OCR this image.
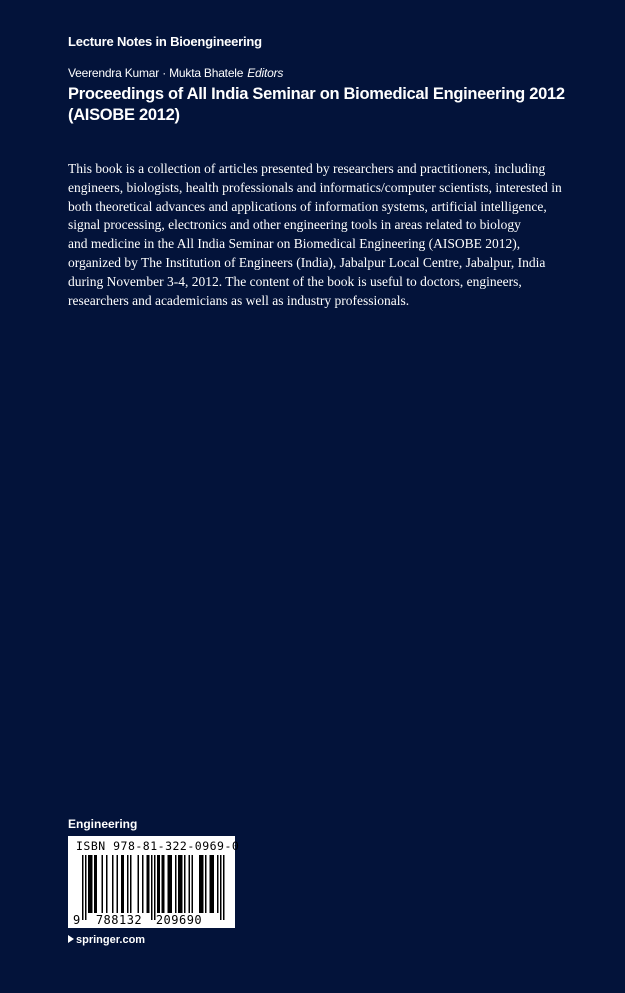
Lecture Notes in Bioengineering
Veerendra Kumar · Mukta Bhatele Editors
Proceedings of All India Seminar on Biomedical Engineering 2012
(AISOBE 2012)
This book is a collection of articles presented by researchers and practitioners, including
engineers, biologists, health professionals and informatics/computer scientists, interested in
both theoretical advances and applications of information systems, artificial intelligence,
signal processing, electronics and other engineering tools in areas related to biology
and medicine in the All India Seminar on Biomedical Engineering (AISOBE 2012),
organized by The Institution of Engineers (India), Jabalpur Local Centre, Jabalpur, India
during November 3-4, 2012. The content of the book is useful to doctors, engineers,
researchers and academicians as well as industry professionals.
Engineering
ISBN 978-81-322-0969-0
9 788132 209690
springer.com
